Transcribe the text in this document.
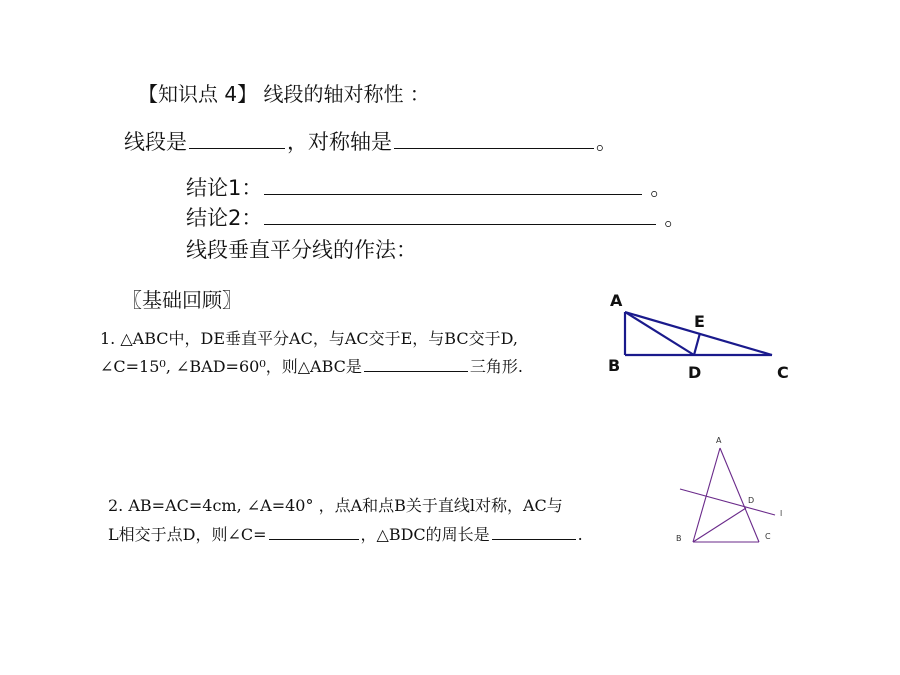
【知识点 4】 线段的轴对称性 ：
线段是	，对称轴是	。
结论1：	。
结论2：	。
线段垂直平分线的作法：
〖基础回顾〗
1. △ABC中，DE垂直平分AC，与AC交于E，与BC交于D,
∠C=15⁰, ∠BAD=60⁰，则△ABC是	三角形.
A
B	C
D
E
2. AB=AC=4cm, ∠A=40° ，点A和点B关于直线l对称，AC与
L相交于点D，则∠C=	，△BDC的周长是	.
A
B	C
D
l
